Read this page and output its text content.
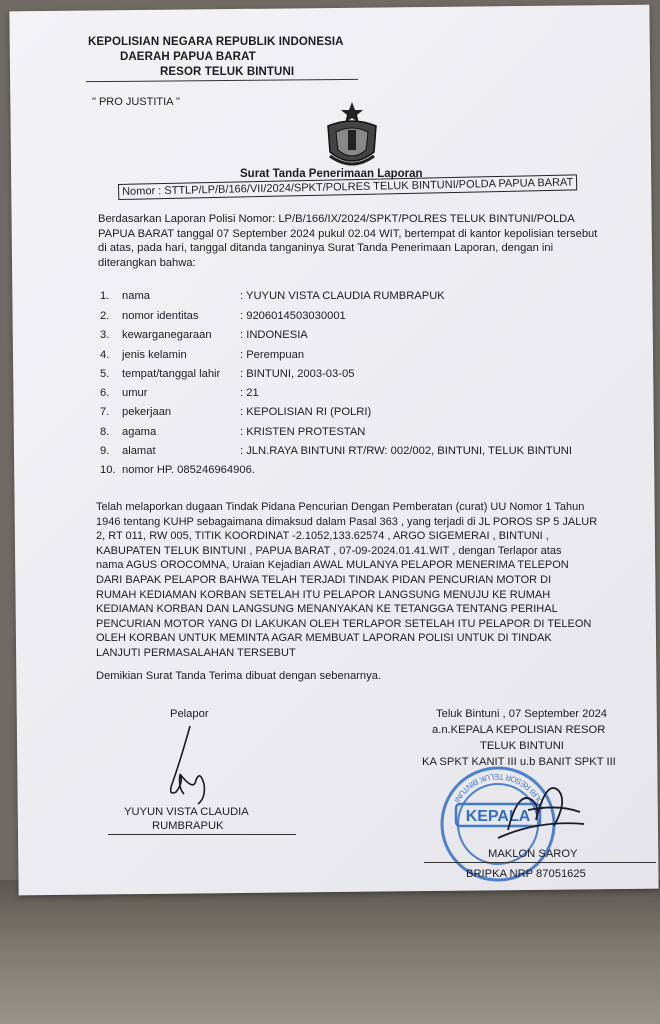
KEPOLISIAN NEGARA REPUBLIK INDONESIA
DAERAH PAPUA BARAT
RESOR TELUK BINTUNI
" PRO JUSTITIA "
Surat Tanda Penerimaan Laporan
Nomor : STTLP/LP/B/166/VII/2024/SPKT/POLRES TELUK BINTUNI/POLDA PAPUA BARAT
Berdasarkan Laporan Polisi Nomor: LP/B/166/IX/2024/SPKT/POLRES TELUK BINTUNI/POLDA
PAPUA BARAT tanggal 07 September 2024 pukul 02.04 WIT, bertempat di kantor kepolisian tersebut
di atas, pada hari, tanggal ditanda tanganinya Surat Tanda Penerimaan Laporan, dengan ini
diterangkan bahwa:
1. nama	: YUYUN VISTA CLAUDIA RUMBRAPUK
2. nomor identitas	: 9206014503030001
3. kewarganegaraan	: INDONESIA
4. jenis kelamin	: Perempuan
5. tempat/tanggal lahir : BINTUNI, 2003-03-05
6. umur	: 21
7. pekerjaan	: KEPOLISIAN RI (POLRI)
8. agama	: KRISTEN PROTESTAN
9. alamat	: JLN.RAYA BINTUNI RT/RW: 002/002, BINTUNI, TELUK BINTUNI
10. nomor HP. 085246964906.
Telah melaporkan dugaan Tindak Pidana Pencurian Dengan Pemberatan (curat) UU Nomor 1 Tahun
1946 tentang KUHP sebagaimana dimaksud dalam Pasal 363 , yang terjadi di JL POROS SP 5 JALUR
2, RT 011, RW 005, TITIK KOORDINAT -2.1052,133.62574 , ARGO SIGEMERAI , BINTUNI ,
KABUPATEN TELUK BINTUNI , PAPUA BARAT , 07-09-2024.01.41.WIT , dengan Terlapor atas
nama AGUS OROCOMNA, Uraian Kejadian AWAL MULANYA PELAPOR MENERIMA TELEPON
DARI BAPAK PELAPOR BAHWA TELAH TERJADI TINDAK PIDAN PENCURIAN MOTOR DI
RUMAH KEDIAMAN KORBAN SETELAH ITU PELAPOR LANGSUNG MENUJU KE RUMAH
KEDIAMAN KORBAN DAN LANGSUNG MENANYAKAN KE TETANGGA TENTANG PERIHAL
PENCURIAN MOTOR YANG DI LAKUKAN OLEH TERLAPOR SETELAH ITU PELAPOR DI TELEON
OLEH KORBAN UNTUK MEMINTA AGAR MEMBUAT LAPORAN POLISI UNTUK DI TINDAK
LANJUTI PERMASALAHAN TERSEBUT
Demikian Surat Tanda Terima dibuat dengan sebenarnya.
Pelapor
YUYUN VISTA CLAUDIA
RUMBRAPUK
Teluk Bintuni , 07 September 2024
a.n.KEPALA KEPOLISIAN RESOR
TELUK BINTUNI
KA SPKT KANIT III u.b BANIT SPKT III
KEPALA
POLRI RESOR TELUK BINTUNI
MAKLON SAROY
BRIPKA NRP 87051625
